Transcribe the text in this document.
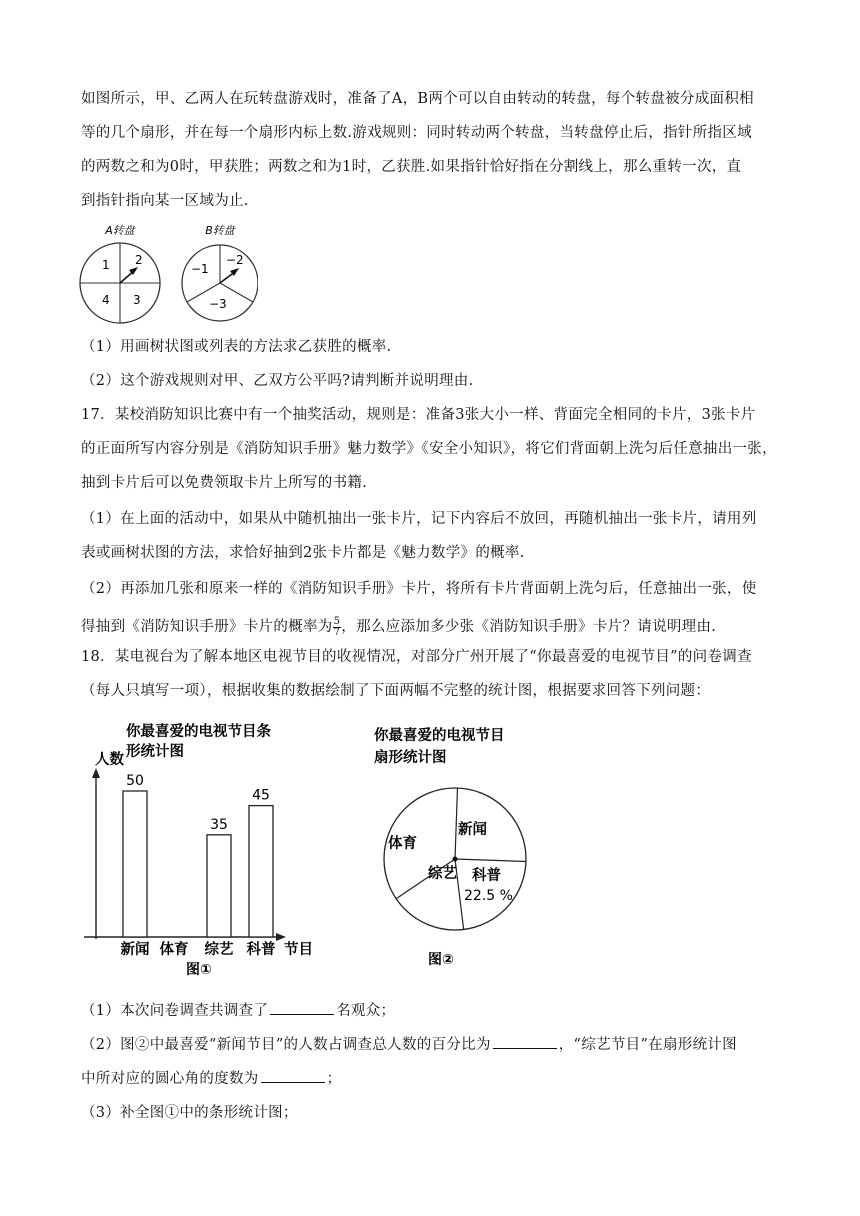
如图所示，甲、乙两人在玩转盘游戏时，准备了A，B两个可以自由转动的转盘，每个转盘被分成面积相
等的几个扇形，并在每一个扇形内标上数.游戏规则：同时转动两个转盘，当转盘停止后，指针所指区域
的两数之和为0时，甲获胜；两数之和为1时，乙获胜.如果指针恰好指在分割线上，那么重转一次，直
到指针指向某一区域为止.
A转盘
1 2
4 3
B转盘
−1
−2
−3
（1）用画树状图或列表的方法求乙获胜的概率.
（2）这个游戏规则对甲、乙双方公平吗?请判断并说明理由.
17．某校消防知识比赛中有一个抽奖活动，规则是：准备3张大小一样、背面完全相同的卡片，3张卡片
的正面所写内容分别是《消防知识手册》魅力数学》《安全小知识》，将它们背面朝上洗匀后任意抽出一张，
抽到卡片后可以免费领取卡片上所写的书籍.
（1）在上面的活动中，如果从中随机抽出一张卡片，记下内容后不放回，再随机抽出一张卡片，请用列
表或画树状图的方法，求恰好抽到2张卡片都是《魅力数学》的概率.
（2）再添加几张和原来一样的《消防知识手册》卡片，将所有卡片背面朝上洗匀后，任意抽出一张，使
得抽到《消防知识手册》卡片的概率为 $\frac{5}{7}$ ，那么应添加多少张《消防知识手册》卡片？请说明理由.
18．某电视台为了解本地区电视节目的收视情况，对部分广州开展了“你最喜爱的电视节目”的问卷调查
（每人只填写一项），根据收集的数据绘制了下面两幅不完整的统计图，根据要求回答下列问题：
你最喜爱的电视节目条
形统计图
人数
节目
图①
50
新闻 体育
35
综艺
45
科普
你最喜爱的电视节目
扇形统计图
新闻
科普
22.5 %
综艺
体育
图②
（1）本次问卷调查共调查了	名观众；
（2）图②中最喜爱“新闻节目”的人数占调查总人数的百分比为	，“综艺节目”在扇形统计图
中所对应的圆心角的度数为	；
（3）补全图①中的条形统计图；
